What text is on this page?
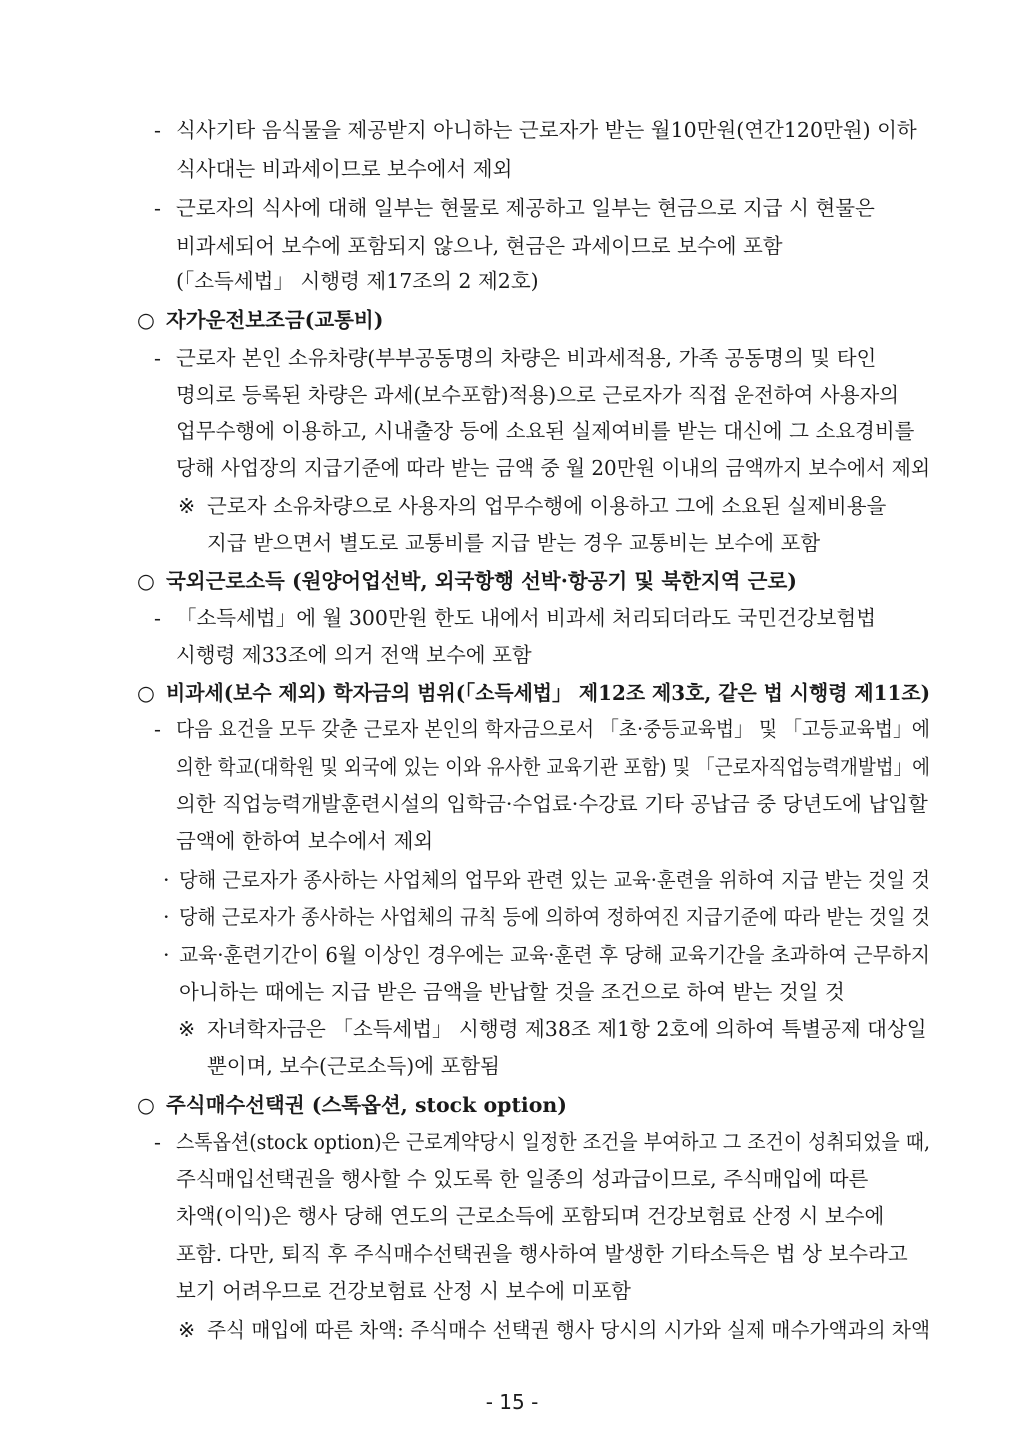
- 식사기타 음식물을 제공받지 아니하는 근로자가 받는 월10만원(연간120만원) 이하
식사대는 비과세이므로 보수에서 제외
- 근로자의 식사에 대해 일부는 현물로 제공하고 일부는 현금으로 지급 시 현물은
비과세되어 보수에 포함되지 않으나, 현금은 과세이므로 보수에 포함
(「소득세법」 시행령 제17조의 2 제2호)
○ 자가운전보조금(교통비)
- 근로자 본인 소유차량(부부공동명의 차량은 비과세적용, 가족 공동명의 및 타인
명의로 등록된 차량은 과세(보수포함)적용)으로 근로자가 직접 운전하여 사용자의
업무수행에 이용하고, 시내출장 등에 소요된 실제여비를 받는 대신에 그 소요경비를
당해 사업장의 지급기준에 따라 받는 금액 중 월 20만원 이내의 금액까지 보수에서 제외
※ 근로자 소유차량으로 사용자의 업무수행에 이용하고 그에 소요된 실제비용을
지급 받으면서 별도로 교통비를 지급 받는 경우 교통비는 보수에 포함
○ 국외근로소득 (원양어업선박, 외국항행 선박·항공기 및 북한지역 근로)
- 「소득세법」에 월 300만원 한도 내에서 비과세 처리되더라도 국민건강보험법
시행령 제33조에 의거 전액 보수에 포함
○ 비과세(보수 제외) 학자금의 범위(「소득세법」 제12조 제3호, 같은 법 시행령 제11조)
- 다음 요건을 모두 갖춘 근로자 본인의 학자금으로서 「초·중등교육법」 및 「고등교육법」에
의한 학교(대학원 및 외국에 있는 이와 유사한 교육기관 포함) 및 「근로자직업능력개발법」에
의한 직업능력개발훈련시설의 입학금·수업료·수강료 기타 공납금 중 당년도에 납입할
금액에 한하여 보수에서 제외
· 당해 근로자가 종사하는 사업체의 업무와 관련 있는 교육·훈련을 위하여 지급 받는 것일 것
· 당해 근로자가 종사하는 사업체의 규칙 등에 의하여 정하여진 지급기준에 따라 받는 것일 것
· 교육·훈련기간이 6월 이상인 경우에는 교육·훈련 후 당해 교육기간을 초과하여 근무하지
아니하는 때에는 지급 받은 금액을 반납할 것을 조건으로 하여 받는 것일 것
※ 자녀학자금은 「소득세법」 시행령 제38조 제1항 2호에 의하여 특별공제 대상일
뿐이며, 보수(근로소득)에 포함됨
○ 주식매수선택권 (스톡옵션, stock option)
- 스톡옵션(stock option)은 근로계약당시 일정한 조건을 부여하고 그 조건이 성취되었을 때,
주식매입선택권을 행사할 수 있도록 한 일종의 성과급이므로, 주식매입에 따른
차액(이익)은 행사 당해 연도의 근로소득에 포함되며 건강보험료 산정 시 보수에
포함. 다만, 퇴직 후 주식매수선택권을 행사하여 발생한 기타소득은 법 상 보수라고
보기 어려우므로 건강보험료 산정 시 보수에 미포함
※ 주식 매입에 따른 차액: 주식매수 선택권 행사 당시의 시가와 실제 매수가액과의 차액
- 15 -
